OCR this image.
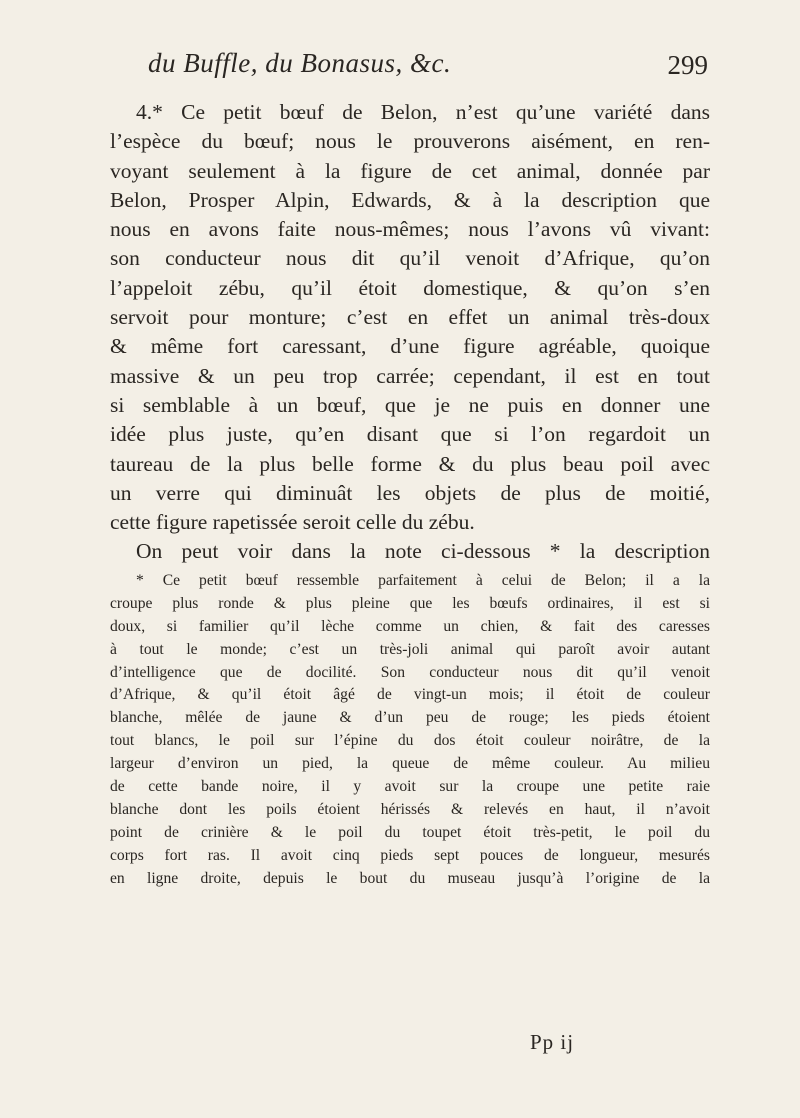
du Buffle, du Bonasus, &c.	299
4.* Ce petit bœuf de Belon, n’est qu’une variété dans
l’espèce du bœuf; nous le prouverons aisément, en ren-
voyant seulement à la figure de cet animal, donnée par
Belon, Prosper Alpin, Edwards, & à la description que
nous en avons faite nous-mêmes; nous l’avons vû vivant:
son conducteur nous dit qu’il venoit d’Afrique, qu’on
l’appeloit zébu, qu’il étoit domestique, & qu’on s’en
servoit pour monture; c’est en effet un animal très-doux
& même fort caressant, d’une figure agréable, quoique
massive & un peu trop carrée; cependant, il est en tout
si semblable à un bœuf, que je ne puis en donner une
idée plus juste, qu’en disant que si l’on regardoit un
taureau de la plus belle forme & du plus beau poil avec
un verre qui diminuât les objets de plus de moitié,
cette figure rapetissée seroit celle du zébu.
On peut voir dans la note ci-dessous * la description
* Ce petit bœuf ressemble parfaitement à celui de Belon; il a la
croupe plus ronde & plus pleine que les bœufs ordinaires, il est si
doux, si familier qu’il lèche comme un chien, & fait des caresses
à tout le monde; c’est un très-joli animal qui paroît avoir autant
d’intelligence que de docilité. Son conducteur nous dit qu’il venoit
d’Afrique, & qu’il étoit âgé de vingt-un mois; il étoit de couleur
blanche, mêlée de jaune & d’un peu de rouge; les pieds étoient
tout blancs, le poil sur l’épine du dos étoit couleur noirâtre, de la
largeur d’environ un pied, la queue de même couleur. Au milieu
de cette bande noire, il y avoit sur la croupe une petite raie
blanche dont les poils étoient hérissés & relevés en haut, il n’avoit
point de crinière & le poil du toupet étoit très-petit, le poil du
corps fort ras. Il avoit cinq pieds sept pouces de longueur, mesurés
en ligne droite, depuis le bout du museau jusqu’à l’origine de la
Pp ij
